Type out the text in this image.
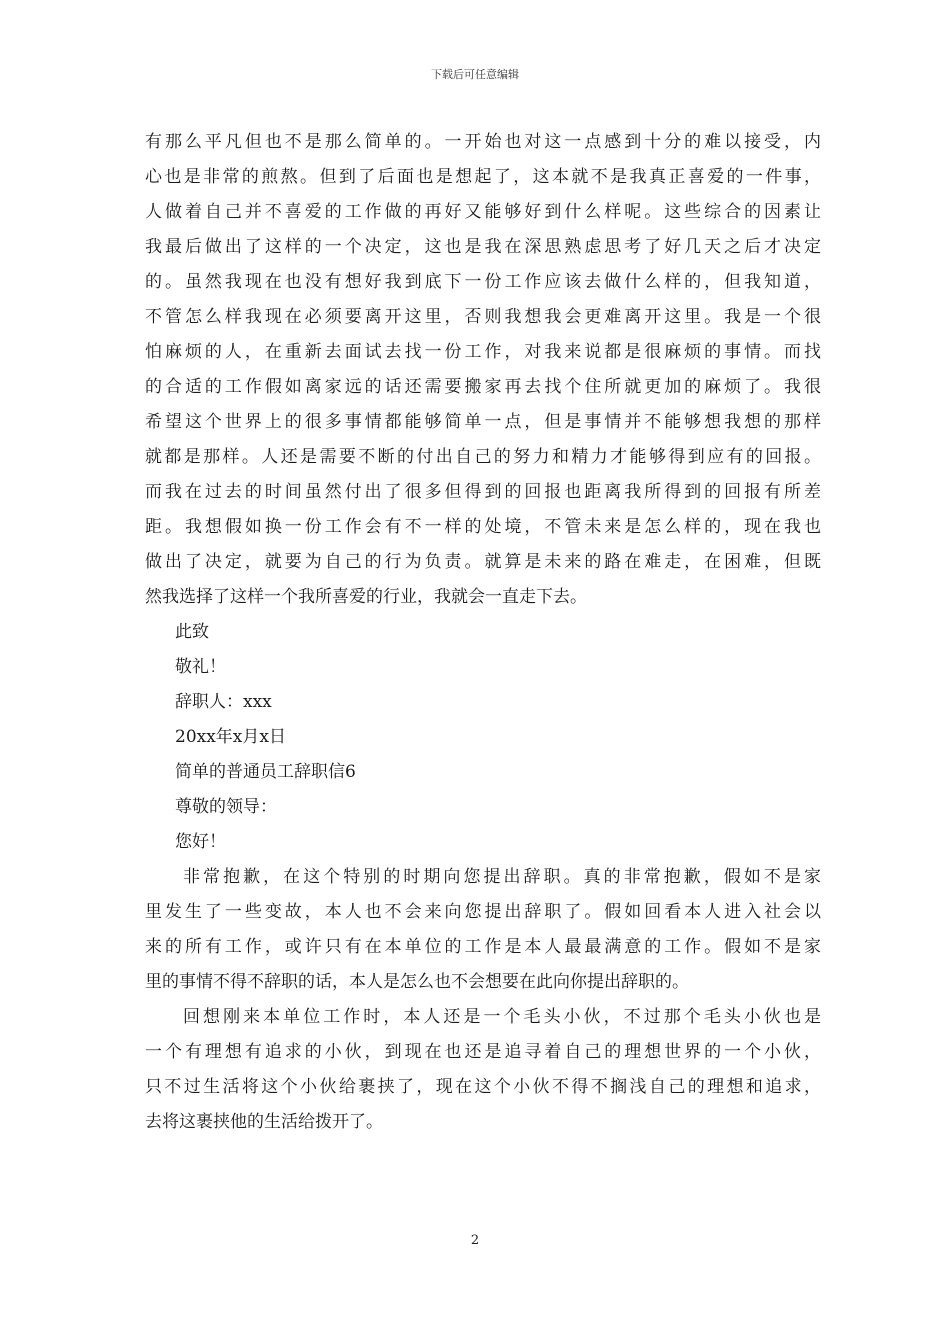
下载后可任意编辑
有那么平凡但也不是那么简单的。一开始也对这一点感到十分的难以接受，内
心也是非常的煎熬。但到了后面也是想起了，这本就不是我真正喜爱的一件事，
人做着自己并不喜爱的工作做的再好又能够好到什么样呢。这些综合的因素让
我最后做出了这样的一个决定，这也是我在深思熟虑思考了好几天之后才决定
的。虽然我现在也没有想好我到底下一份工作应该去做什么样的，但我知道，
不管怎么样我现在必须要离开这里，否则我想我会更难离开这里。我是一个很
怕麻烦的人，在重新去面试去找一份工作，对我来说都是很麻烦的事情。而找
的合适的工作假如离家远的话还需要搬家再去找个住所就更加的麻烦了。我很
希望这个世界上的很多事情都能够简单一点，但是事情并不能够想我想的那样
就都是那样。人还是需要不断的付出自己的努力和精力才能够得到应有的回报。
而我在过去的时间虽然付出了很多但得到的回报也距离我所得到的回报有所差
距。我想假如换一份工作会有不一样的处境，不管未来是怎么样的，现在我也
做出了决定，就要为自己的行为负责。就算是未来的路在难走，在困难，但既
然我选择了这样一个我所喜爱的行业，我就会一直走下去。
此致
敬礼！
辞职人：xxx
20xx年x月x日
简单的普通员工辞职信6
尊敬的领导：
您好！
非常抱歉，在这个特别的时期向您提出辞职。真的非常抱歉，假如不是家
里发生了一些变故，本人也不会来向您提出辞职了。假如回看本人进入社会以
来的所有工作，或许只有在本单位的工作是本人最最满意的工作。假如不是家
里的事情不得不辞职的话，本人是怎么也不会想要在此向你提出辞职的。
回想刚来本单位工作时，本人还是一个毛头小伙，不过那个毛头小伙也是
一个有理想有追求的小伙，到现在也还是追寻着自己的理想世界的一个小伙，
只不过生活将这个小伙给裹挟了，现在这个小伙不得不搁浅自己的理想和追求，
去将这裹挟他的生活给拨开了。
2
